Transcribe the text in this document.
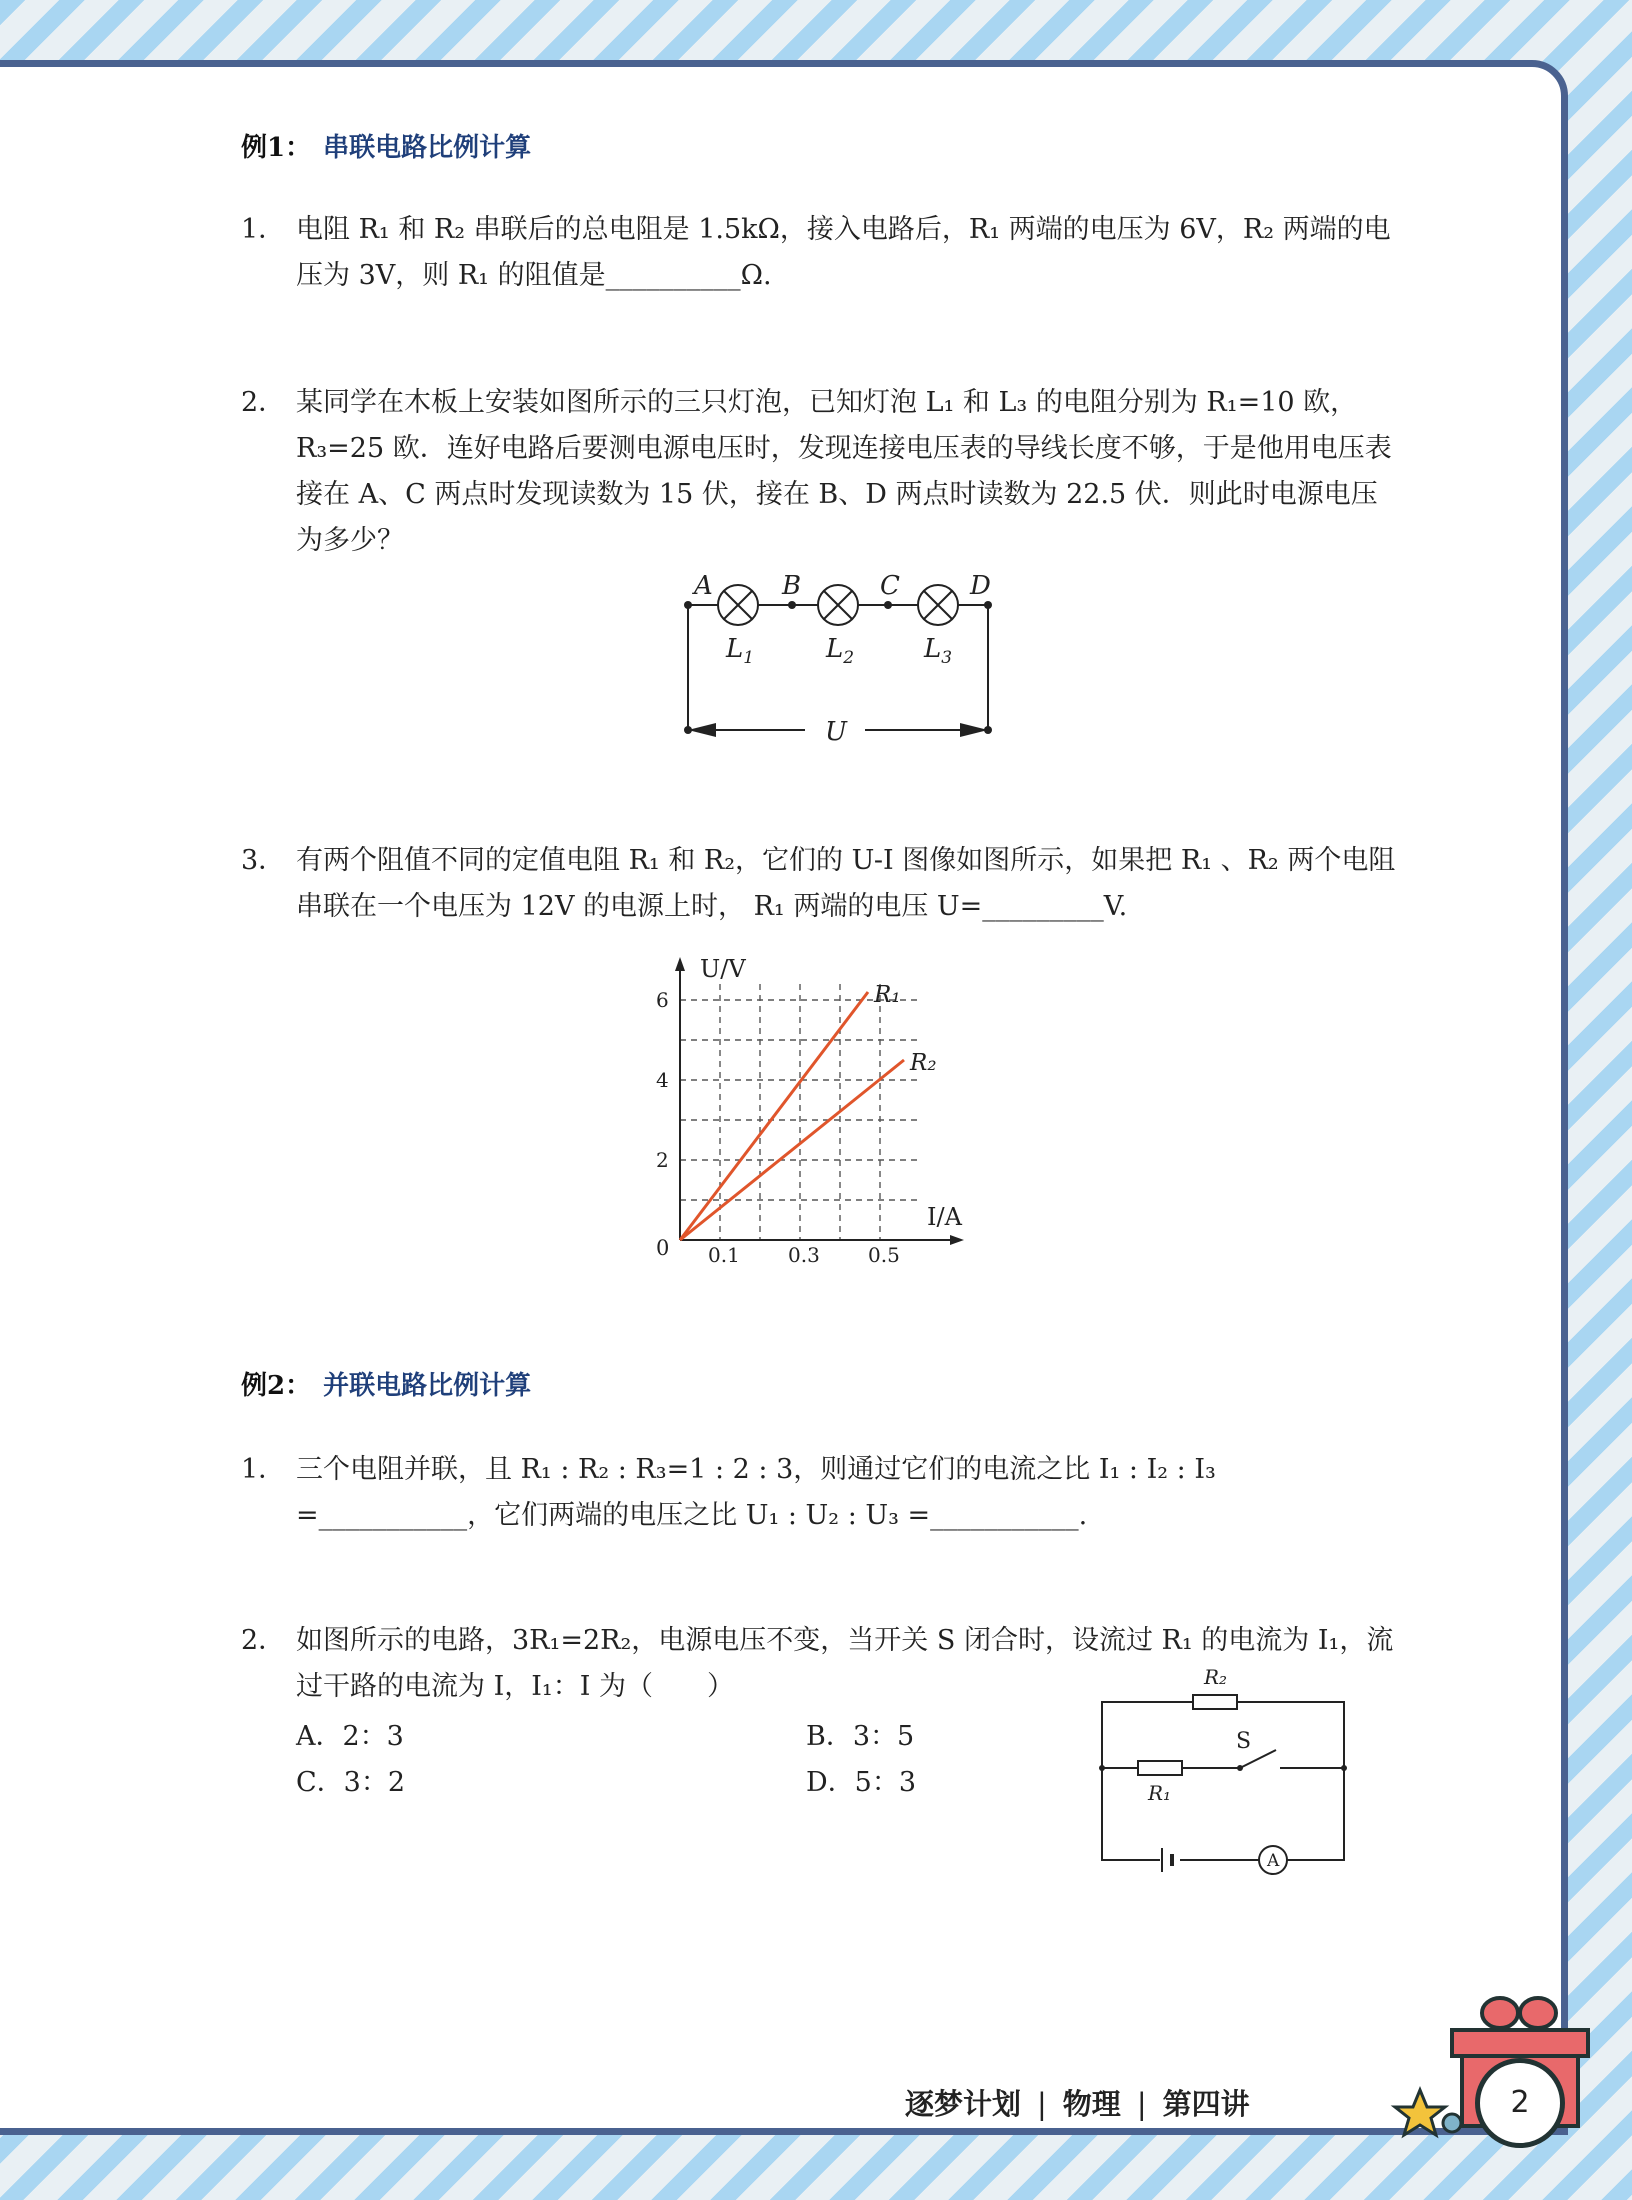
例1： 串联电路比例计算
1． 电阻 R₁ 和 R₂ 串联后的总电阻是 1.5kΩ，接入电路后，R₁ 两端的电压为 6V，R₂ 两端的电压为 3V，则 R₁ 的阻值是__________Ω.
2． 某同学在木板上安装如图所示的三只灯泡，已知灯泡 L₁ 和 L₃ 的电阻分别为 R₁=10 欧， R₃=25 欧．连好电路后要测电源电压时，发现连接电压表的导线长度不够，于是他用电压表接在 A、C 两点时发现读数为 15 伏，接在 B、D 两点时读数为 22.5 伏．则此时电源电压为多少？
A	B	C	D
$L_1$	$L_2$	$L_3$
U
3． 有两个阻值不同的定值电阻 R₁ 和 R₂，它们的 U-I 图像如图所示，如果把 R₁ 、R₂ 两个电阻串联在一个电压为 12V 的电源上时， R₁ 两端的电压 U=_________V.
0.1 0.3 0.5
2
4
6	R₁
R₂
U/V
I/A
0
例2： 并联电路比例计算
1． 三个电阻并联，且 R₁ : R₂ : R₃=1 : 2 : 3，则通过它们的电流之比 I₁ : I₂ : I₃ =___________，它们两端的电压之比 U₁ : U₂ : U₃ =___________.
2． 如图所示的电路，3R₁=2R₂，电源电压不变，当开关 S 闭合时，设流过 R₁ 的电流为 I₁，流过干路的电流为 I，I₁：I 为（　　）
A．2：3	B．3：5
C．3：2	D．5：3
A
R₂
R₁
S
逐梦计划 | 物理 | 第四讲	2
